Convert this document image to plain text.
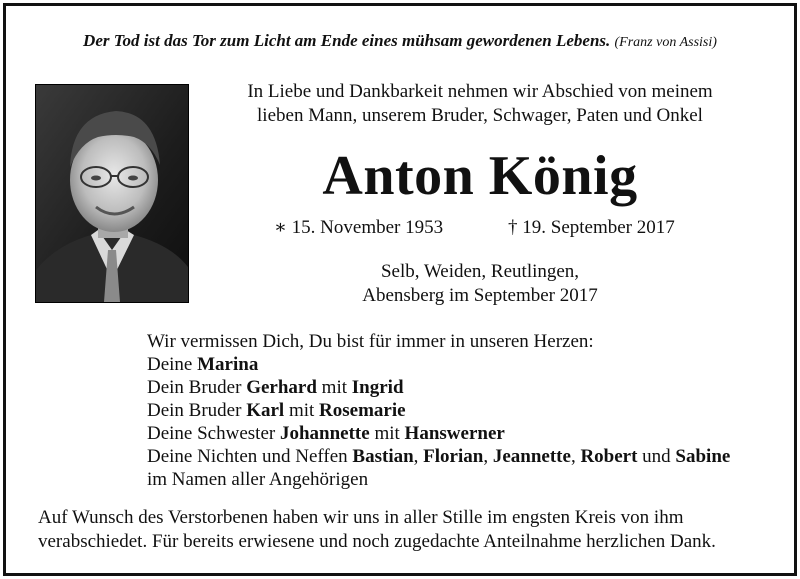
Der Tod ist das Tor zum Licht am Ende eines mühsam gewordenen Lebens. (Franz von Assisi)
In Liebe und Dankbarkeit nehmen wir Abschied von meinem
lieben Mann, unserem Bruder, Schwager, Paten und Onkel
Anton König
∗ 15. November 1953	† 19. September 2017
Selb, Weiden, Reutlingen,
Abensberg im September 2017
Wir vermissen Dich, Du bist für immer in unseren Herzen:
Deine Marina
Dein Bruder Gerhard mit Ingrid
Dein Bruder Karl mit Rosemarie
Deine Schwester Johannette mit Hanswerner
Deine Nichten und Neffen Bastian, Florian, Jeannette, Robert und Sabine
im Namen aller Angehörigen
Auf Wunsch des Verstorbenen haben wir uns in aller Stille im engsten Kreis von ihm
verabschiedet. Für bereits erwiesene und noch zugedachte Anteilnahme herzlichen Dank.
